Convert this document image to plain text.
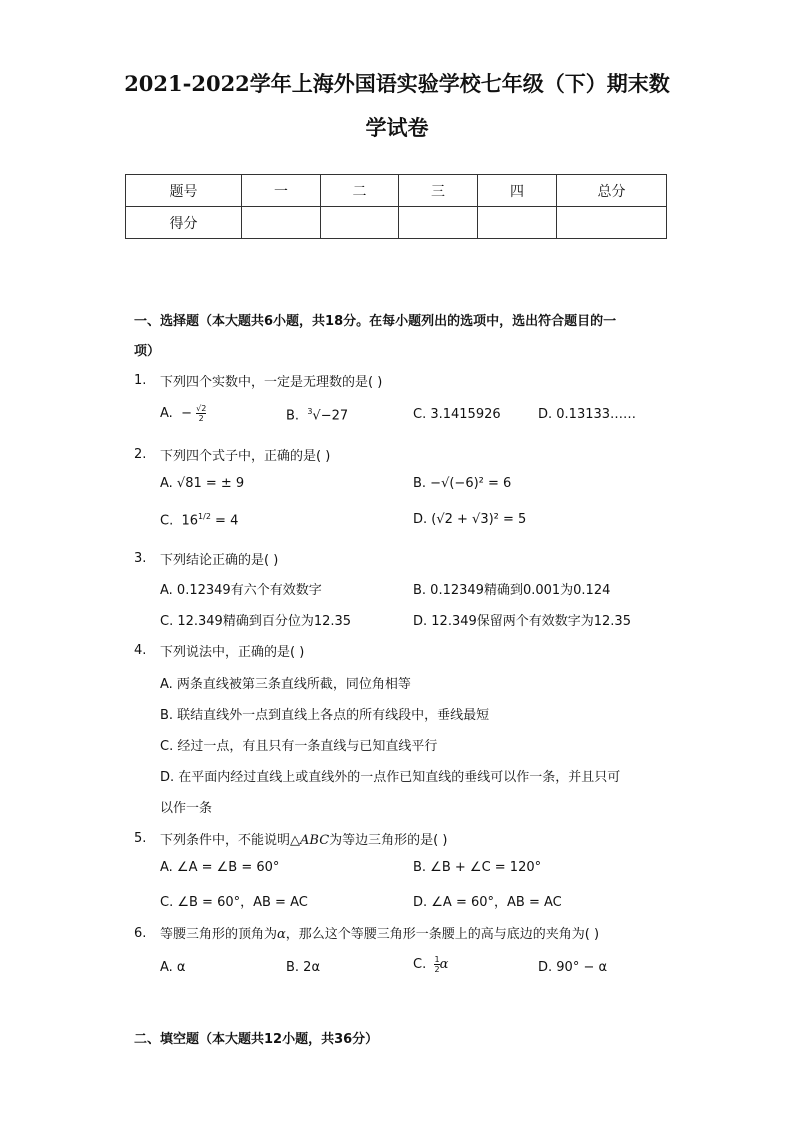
2021-2022学年上海外国语实验学校七年级（下）期末数
学试卷
题号	一	二	三	四	总分
得分					
一、选择题（本大题共6小题，共18分。在每小题列出的选项中，选出符合题目的一
项）
1. 下列四个实数中，一定是无理数的是( )
A. − $\frac{√2}{2}$	B. $^3$√−27	C. 3.1415926	D. 0.13133……
2. 下列四个式子中，正确的是( )
A. √81 = ± 9	B. −√(−6)² = 6
C. $16^{1/2} = 4$	D. (√2 + √3)² = 5
3. 下列结论正确的是( )
A. 0.12349有六个有效数字	B. 0.12349精确到0.001为0.124
C. 12.349精确到百分位为12.35	D. 12.349保留两个有效数字为12.35
4. 下列说法中，正确的是( )
A. 两条直线被第三条直线所截，同位角相等
B. 联结直线外一点到直线上各点的所有线段中，垂线最短
C. 经过一点，有且只有一条直线与已知直线平行
D. 在平面内经过直线上或直线外的一点作已知直线的垂线可以作一条，并且只可
以作一条
5. 下列条件中，不能说明△ABC为等边三角形的是( )
A. ∠A = ∠B = 60°	B. ∠B + ∠C = 120°
C. ∠B = 60°，AB = AC	D. ∠A = 60°，AB = AC
6. 等腰三角形的顶角为α，那么这个等腰三角形一条腰上的高与底边的夹角为( )
A. α	B. 2α	C. $\frac{1}{2}$ α	D. 90° − α
二、填空题（本大题共12小题，共36分）
